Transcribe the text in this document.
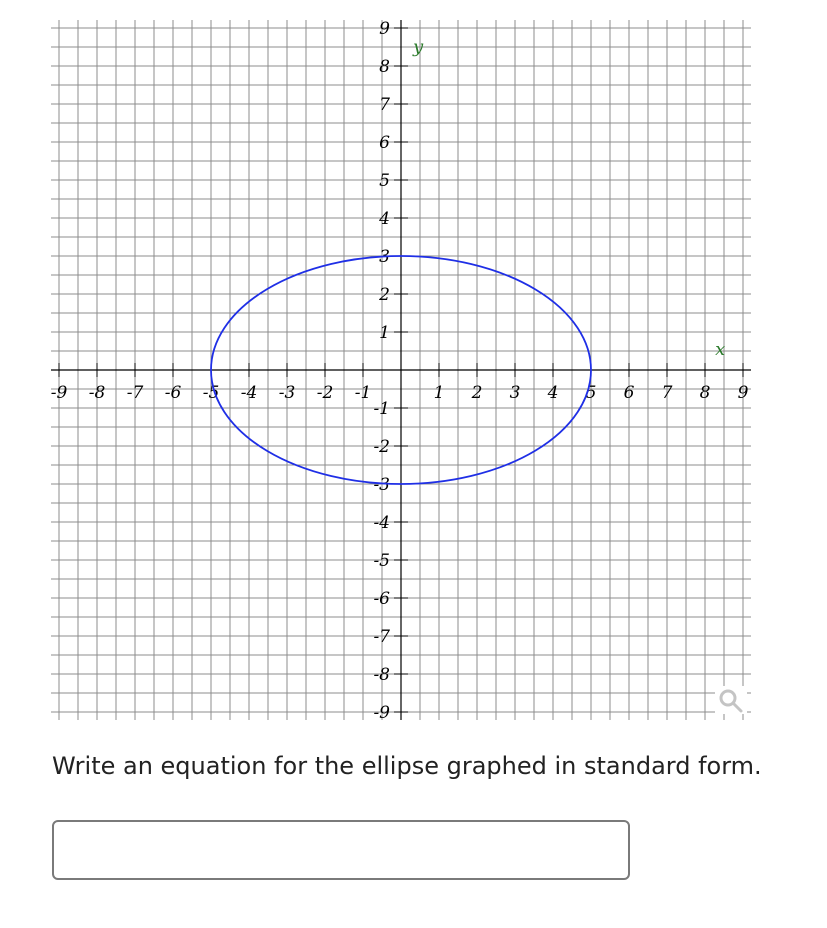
-9 -8 -7 -6 -5 -4 -3 -2 -1	1 2 3 4 5 6 7 8 9
9
8
7
6
5
4
3
2
1
-1
-2
-3
-4
-5
-6
-7
-8
-9
x
y

Write an equation for the ellipse graphed in standard form.
